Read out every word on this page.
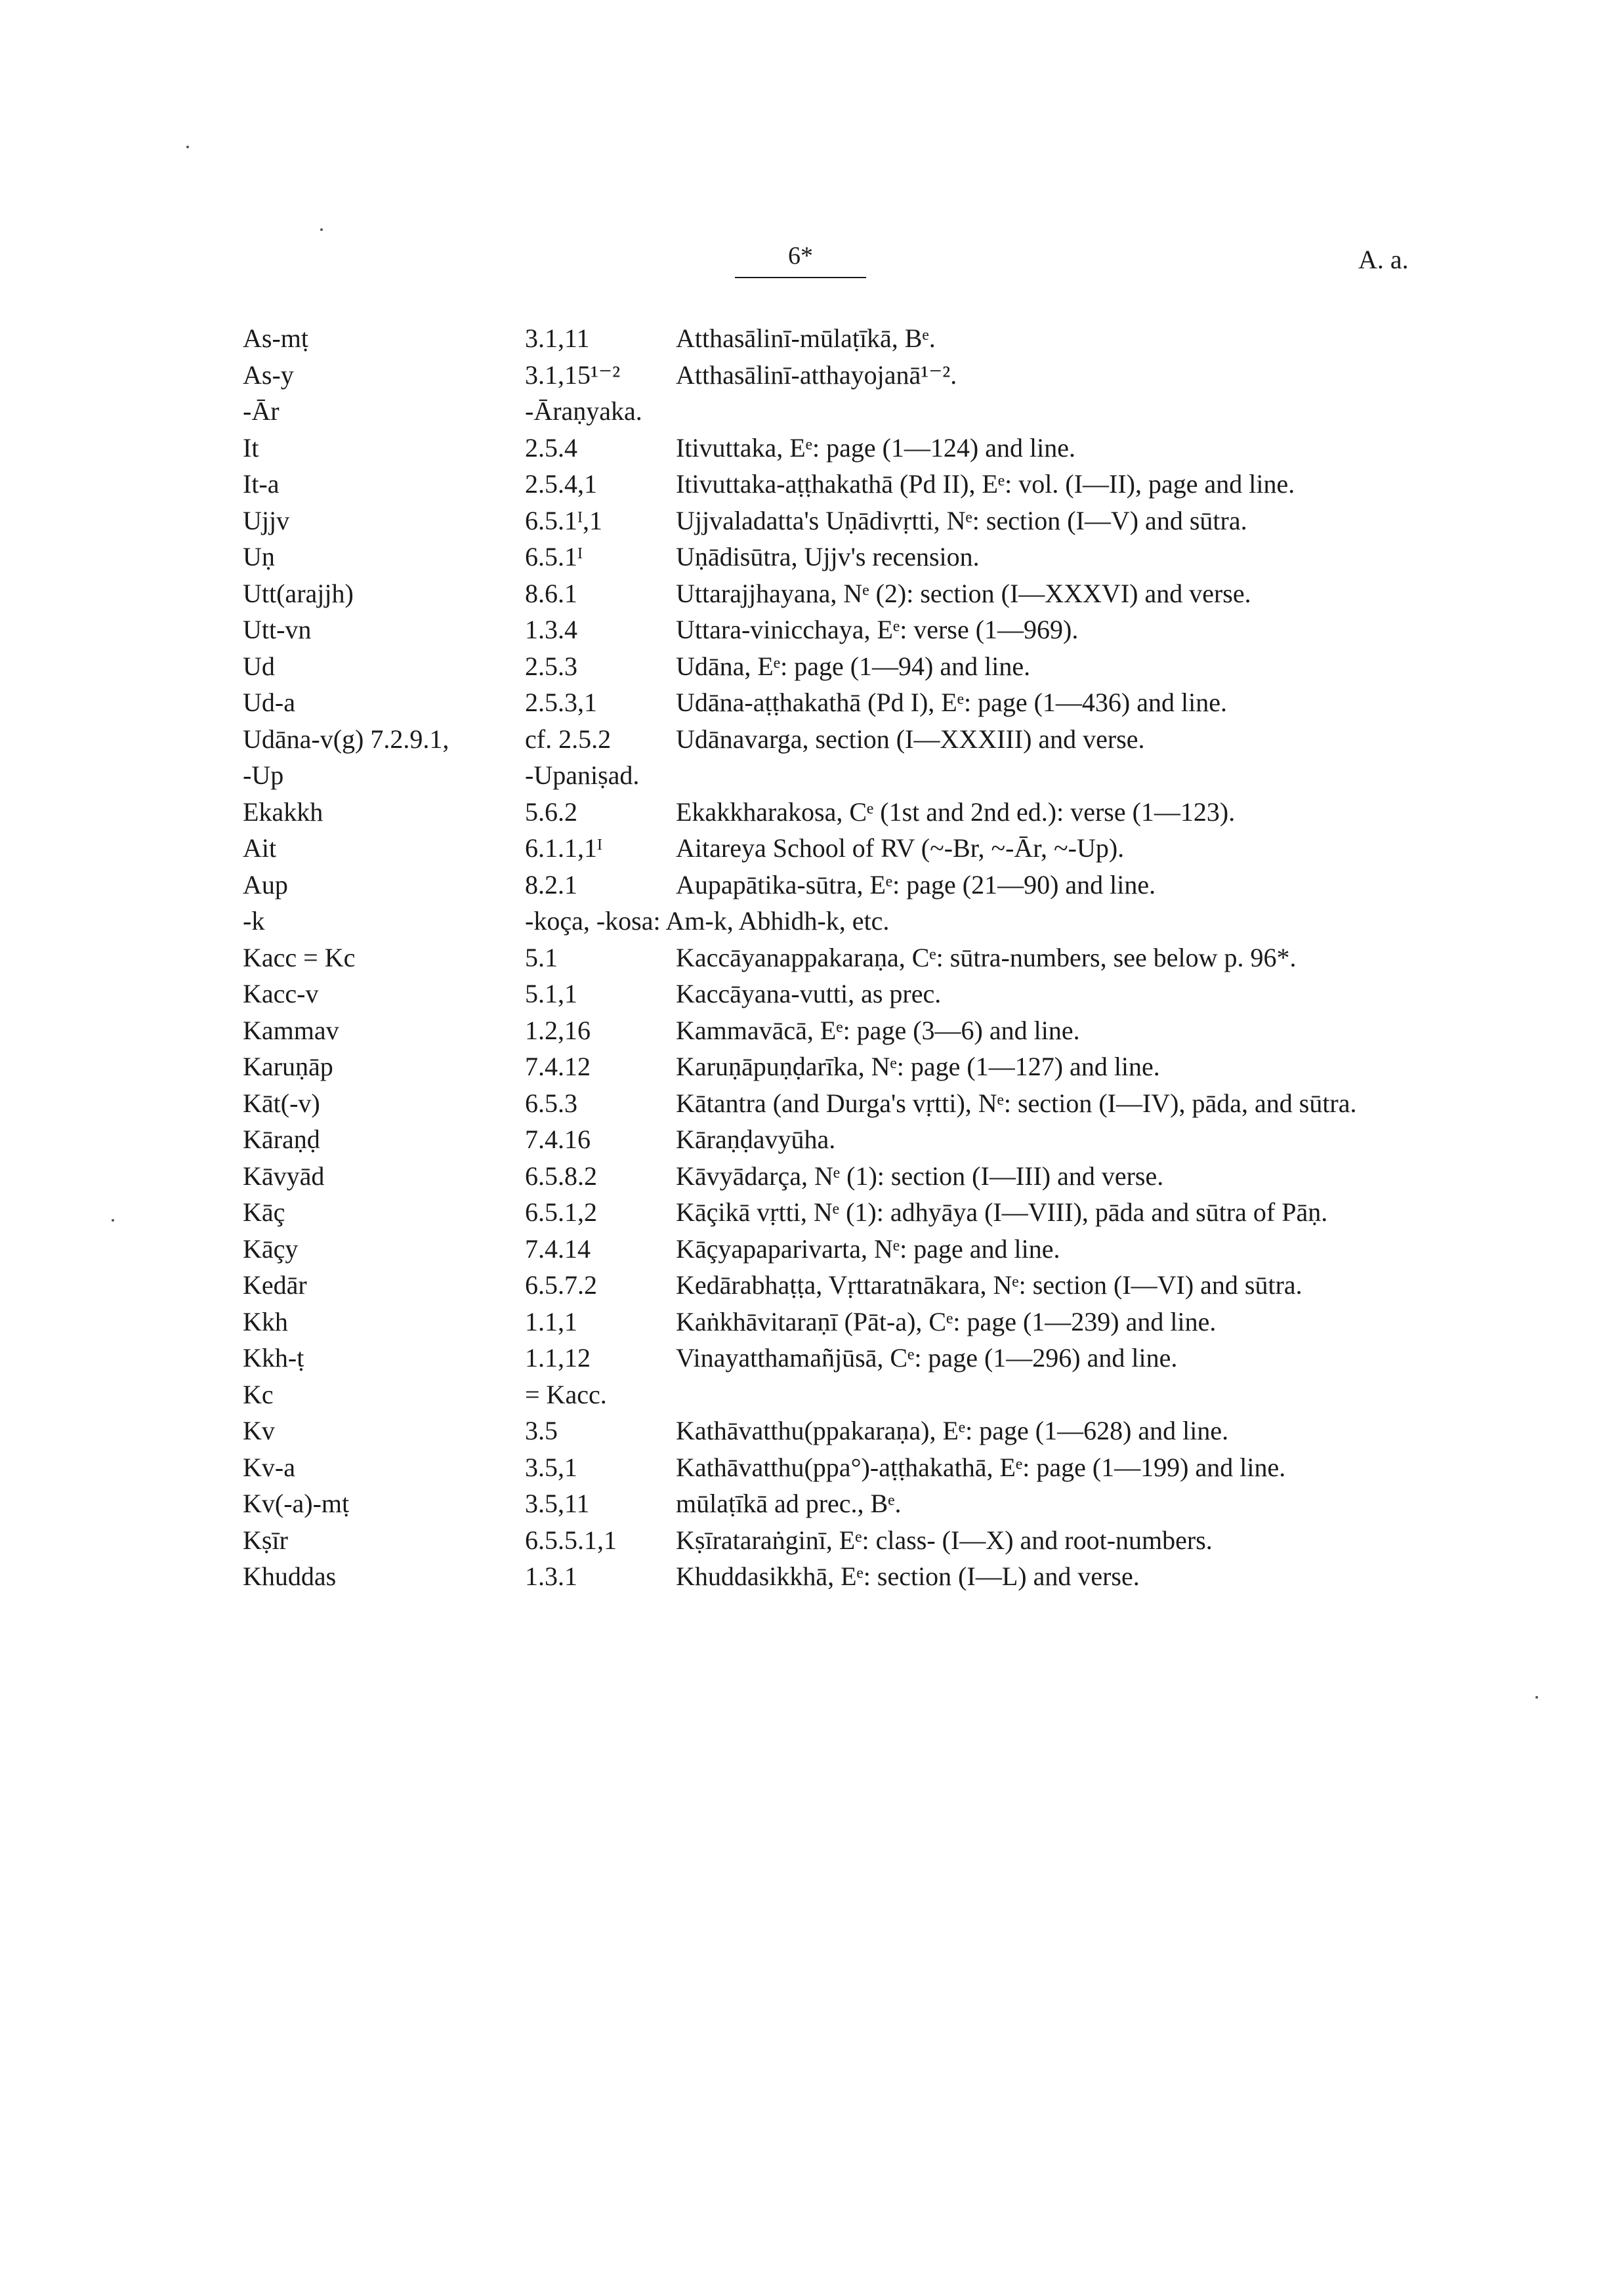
6*	A. a.
As-mṭ	3.1,11	Atthasālinī-mūlaṭīkā, Bᵉ.
As-y	3.1,15¹⁻² Atthasālinī-atthayojanā¹⁻².
-Ār	-Āraṇyaka.
It	2.5.4	Itivuttaka, Eᵉ: page (1—124) and line.
It-a	2.5.4,1	Itivuttaka-aṭṭhakathā (Pd II), Eᵉ: vol. (I—II), page and line.
Ujjv	6.5.1ᴵ,1	Ujjvaladatta's Uṇādivṛtti, Nᵉ: section (I—V) and sūtra.
Uṇ	6.5.1ᴵ	Uṇādisūtra, Ujjv's recension.
Utt(arajjh)	8.6.1	Uttarajjhayana, Nᵉ (2): section (I—XXXVI) and verse.
Utt-vn	1.3.4	Uttara-vinicchaya, Eᵉ: verse (1—969).
Ud	2.5.3	Udāna, Eᵉ: page (1—94) and line.
Ud-a	2.5.3,1	Udāna-aṭṭhakathā (Pd I), Eᵉ: page (1—436) and line.
Udāna-v(g) 7.2.9.1,	cf. 2.5.2 Udānavarga, section (I—XXXIII) and verse.
-Up	-Upaniṣad.
Ekakkh	5.6.2	Ekakkharakosa, Cᵉ (1st and 2nd ed.): verse (1—123).
Ait	6.1.1,1ᴵ	Aitareya School of RV (~-Br, ~-Ār, ~-Up).
Aup	8.2.1	Aupapātika-sūtra, Eᵉ: page (21—90) and line.
-k	-koça, -kosa: Am-k, Abhidh-k, etc.
Kacc = Kc	5.1	Kaccāyanappakaraṇa, Cᵉ: sūtra-numbers, see below p. 96*.
Kacc-v	5.1,1	Kaccāyana-vutti, as prec.
Kammav	1.2,16	Kammavācā, Eᵉ: page (3—6) and line.
Karuṇāp	7.4.12	Karuṇāpuṇḍarīka, Nᵉ: page (1—127) and line.
Kāt(-v)	6.5.3	Kātantra (and Durga's vṛtti), Nᵉ: section (I—IV), pāda, and sūtra.
Kāraṇḍ	7.4.16	Kāraṇḍavyūha.
Kāvyād	6.5.8.2	Kāvyādarça, Nᵉ (1): section (I—III) and verse.
Kāç	6.5.1,2	Kāçikā vṛtti, Nᵉ (1): adhyāya (I—VIII), pāda and sūtra of Pāṇ.
Kāçy	7.4.14	Kāçyapaparivarta, Nᵉ: page and line.
Kedār	6.5.7.2	Kedārabhaṭṭa, Vṛttaratnākara, Nᵉ: section (I—VI) and sūtra.
Kkh	1.1,1	Kaṅkhāvitaraṇī (Pāt-a), Cᵉ: page (1—239) and line.
Kkh-ṭ	1.1,12	Vinayatthamañjūsā, Cᵉ: page (1—296) and line.
Kc	= Kacc.
Kv	3.5	Kathāvatthu(ppakaraṇa), Eᵉ: page (1—628) and line.
Kv-a	3.5,1	Kathāvatthu(ppa°)-aṭṭhakathā, Eᵉ: page (1—199) and line.
Kv(-a)-mṭ	3.5,11	mūlaṭīkā ad prec., Bᵉ.
Kṣīr	6.5.5.1,1 Kṣīrataraṅginī, Eᵉ: class- (I—X) and root-numbers.
Khuddas	1.3.1	Khuddasikkhā, Eᵉ: section (I—L) and verse.
